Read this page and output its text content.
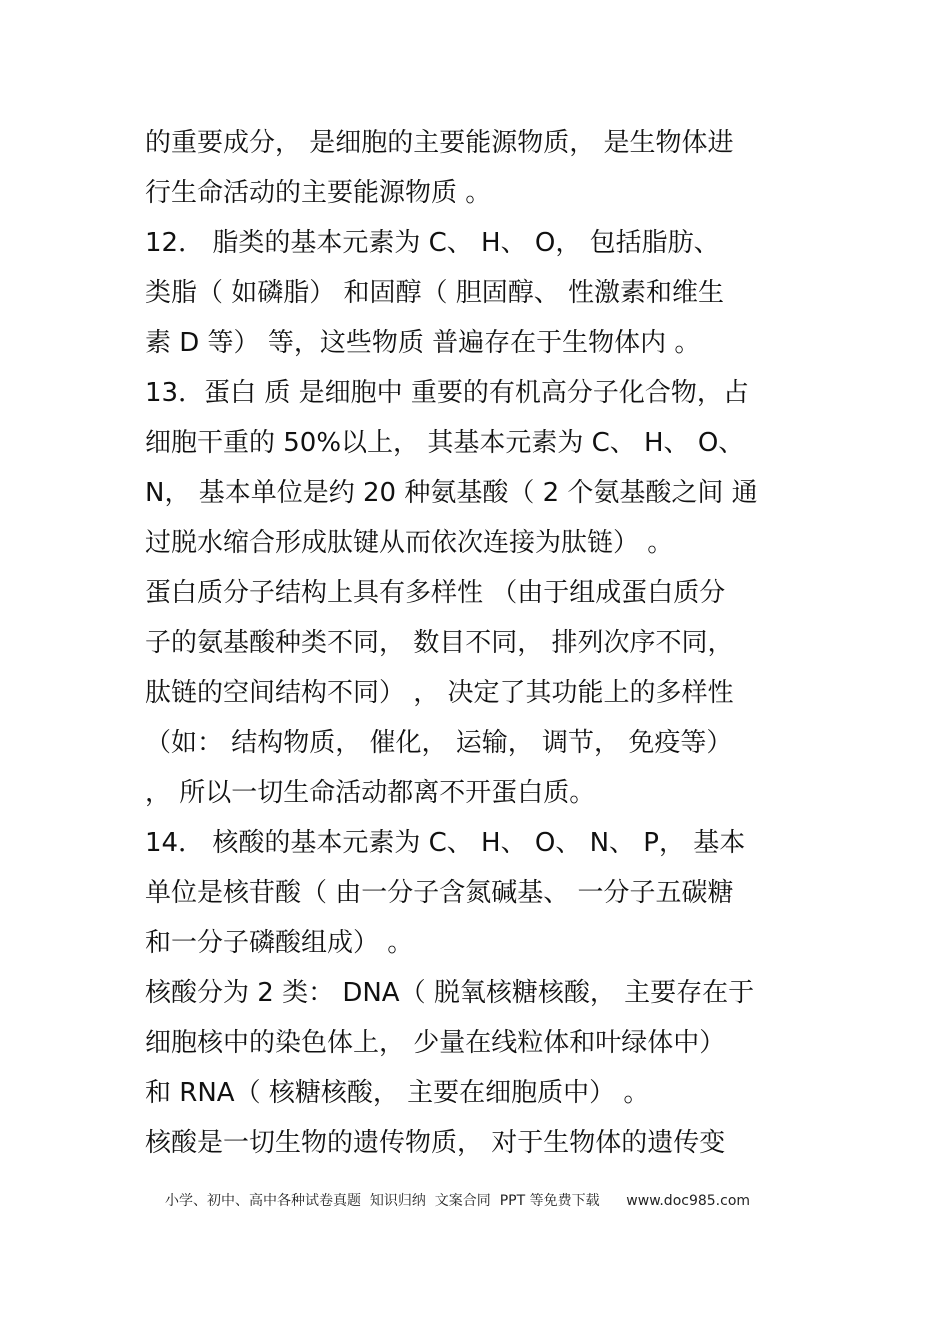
的重要成分， 是细胞的主要能源物质， 是生物体进
行生命活动的主要能源物质 。
12． 脂类的基本元素为 C、 H、 O， 包括脂肪、
类脂（ 如磷脂） 和固醇（ 胆固醇、 性激素和维生
素 D 等） 等，这些物质 普遍存在于生物体内 。
13．蛋白 质 是细胞中 重要的有机高分子化合物，占
细胞干重的 50%以上， 其基本元素为 C、 H、 O、
N， 基本单位是约 20 种氨基酸（ 2 个氨基酸之间 通
过脱水缩合形成肽键从而依次连接为肽链） 。
蛋白质分子结构上具有多样性 （由于组成蛋白质分
子的氨基酸种类不同， 数目不同， 排列次序不同，
肽链的空间结构不同） ， 决定了其功能上的多样性
（如： 结构物质， 催化， 运输， 调节， 免疫等）
， 所以一切生命活动都离不开蛋白质。
14． 核酸的基本元素为 C、 H、 O、 N、 P， 基本
单位是核苷酸（ 由一分子含氮碱基、 一分子五碳糖
和一分子磷酸组成） 。
核酸分为 2 类： DNA（ 脱氧核糖核酸， 主要存在于
细胞核中的染色体上， 少量在线粒体和叶绿体中）
和 RNA（ 核糖核酸， 主要在细胞质中） 。
核酸是一切生物的遗传物质， 对于生物体的遗传变
小学、初中、高中各种试卷真题  知识归纳  文案合同  PPT 等免费下载      www.doc985.com
